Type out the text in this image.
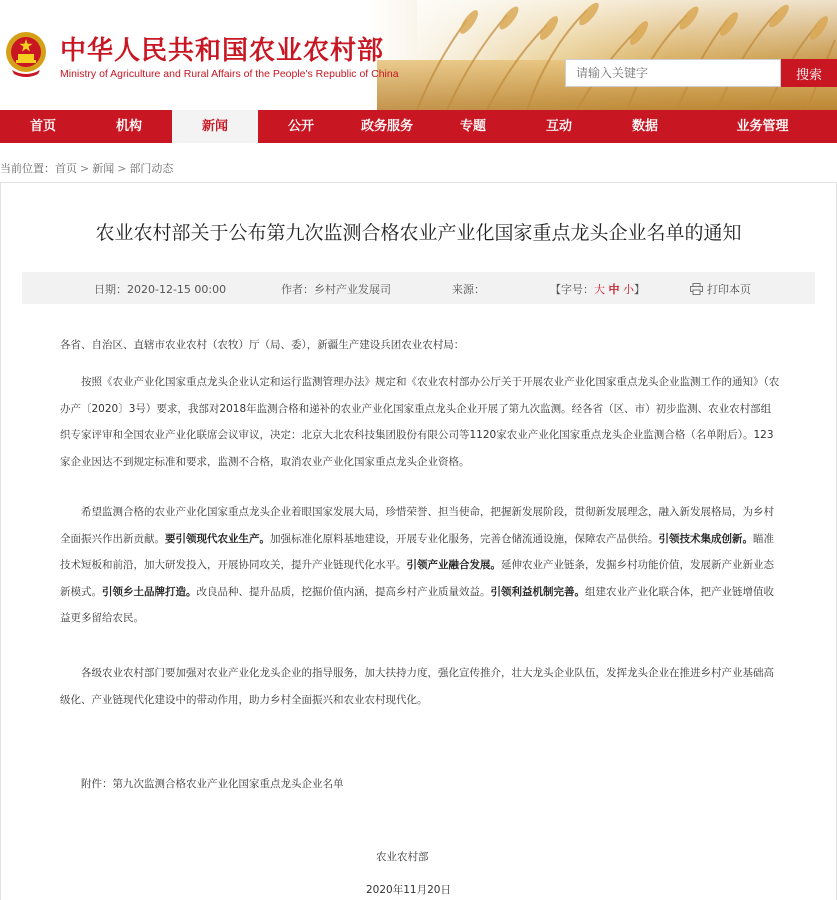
中华人民共和国农业农村部
Ministry of Agriculture and Rural Affairs of the People's Republic of China
请输入关键字	搜索
首页	机构	新闻	公开	政务服务	专题	互动	数据	业务管理
当前位置：首页 > 新闻 > 部门动态
农业农村部关于公布第九次监测合格农业产业化国家重点龙头企业名单的通知
日期：2020-12-15 00:00	作者：乡村产业发展司	来源：	【字号：大 中 小】	打印本页

各省、自治区、直辖市农业农村（农牧）厅（局、委），新疆生产建设兵团农业农村局：

按照《农业产业化国家重点龙头企业认定和运行监测管理办法》规定和《农业农村部办公厅关于开展农业产业化国家重点龙头企业监测工作的通知》（农办产〔2020〕3号）要求，我部对2018年监测合格和递补的农业产业化国家重点龙头企业开展了第九次监测。经各省（区、市）初步监测、农业农村部组织专家评审和全国农业产业化联席会议审议，决定：北京大北农科技集团股份有限公司等1120家农业产业化国家重点龙头企业监测合格（名单附后）。123家企业因达不到规定标准和要求，监测不合格，取消农业产业化国家重点龙头企业资格。

希望监测合格的农业产业化国家重点龙头企业着眼国家发展大局，珍惜荣誉、担当使命，把握新发展阶段，贯彻新发展理念，融入新发展格局，为乡村全面振兴作出新贡献。要引领现代农业生产。加强标准化原料基地建设，开展专业化服务，完善仓储流通设施，保障农产品供给。引领技术集成创新。瞄准技术短板和前沿，加大研发投入，开展协同攻关，提升产业链现代化水平。引领产业融合发展。延伸农业产业链条，发掘乡村功能价值，发展新产业新业态新模式。引领乡土品牌打造。改良品种、提升品质，挖掘价值内涵，提高乡村产业质量效益。引领利益机制完善。组建农业产业化联合体，把产业链增值收益更多留给农民。

各级农业农村部门要加强对农业产业化龙头企业的指导服务，加大扶持力度，强化宣传推介，壮大龙头企业队伍，发挥龙头企业在推进乡村产业基础高级化、产业链现代化建设中的带动作用，助力乡村全面振兴和农业农村现代化。

附件：第九次监测合格农业产业化国家重点龙头企业名单

农业农村部
2020年11月20日
